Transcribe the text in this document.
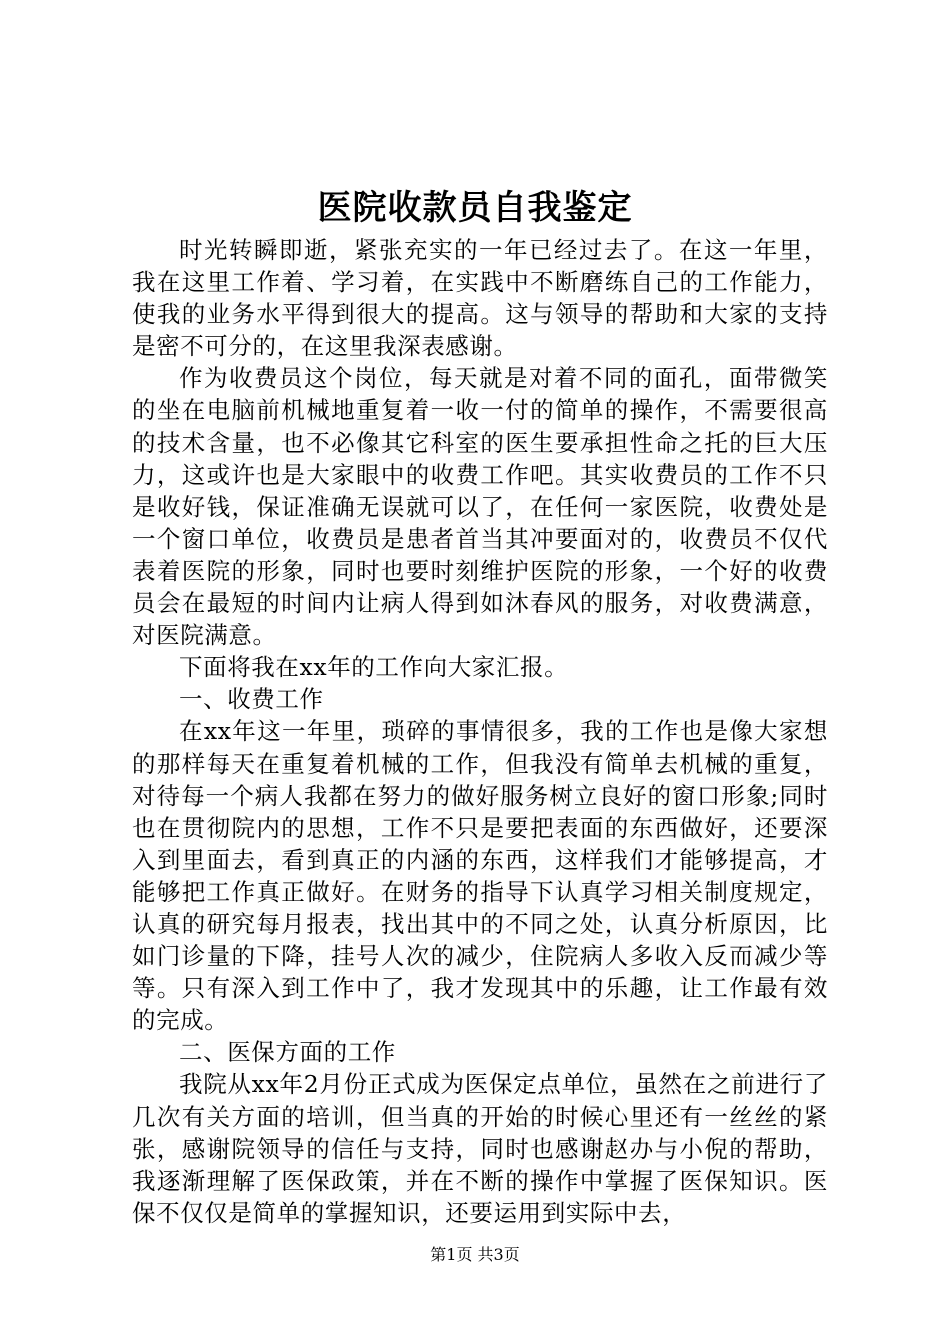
医院收款员自我鉴定

时光转瞬即逝，紧张充实的一年已经过去了。在这一年里，我在这里工作着、学习着，在实践中不断磨练自己的工作能力，使我的业务水平得到很大的提高。这与领导的帮助和大家的支持是密不可分的，在这里我深表感谢。

作为收费员这个岗位，每天就是对着不同的面孔，面带微笑的坐在电脑前机械地重复着一收一付的简单的操作，不需要很高的技术含量，也不必像其它科室的医生要承担性命之托的巨大压力，这或许也是大家眼中的收费工作吧。其实收费员的工作不只是收好钱，保证准确无误就可以了，在任何一家医院，收费处是一个窗口单位，收费员是患者首当其冲要面对的，收费员不仅代表着医院的形象，同时也要时刻维护医院的形象，一个好的收费员会在最短的时间内让病人得到如沐春风的服务，对收费满意，对医院满意。

下面将我在xx年的工作向大家汇报。

一、收费工作

在xx年这一年里，琐碎的事情很多，我的工作也是像大家想的那样每天在重复着机械的工作，但我没有简单去机械的重复，对待每一个病人我都在努力的做好服务树立良好的窗口形象;同时也在贯彻院内的思想，工作不只是要把表面的东西做好，还要深入到里面去，看到真正的内涵的东西，这样我们才能够提高，才能够把工作真正做好。在财务的指导下认真学习相关制度规定，认真的研究每月报表，找出其中的不同之处，认真分析原因，比如门诊量的下降，挂号人次的减少，住院病人多收入反而减少等等。只有深入到工作中了，我才发现其中的乐趣，让工作最有效的完成。

二、医保方面的工作

我院从xx年2月份正式成为医保定点单位，虽然在之前进行了几次有关方面的培训，但当真的开始的时候心里还有一丝丝的紧张，感谢院领导的信任与支持，同时也感谢赵办与小倪的帮助，我逐渐理解了医保政策，并在不断的操作中掌握了医保知识。医保不仅仅是简单的掌握知识，还要运用到实际中去，

第1页 共3页
